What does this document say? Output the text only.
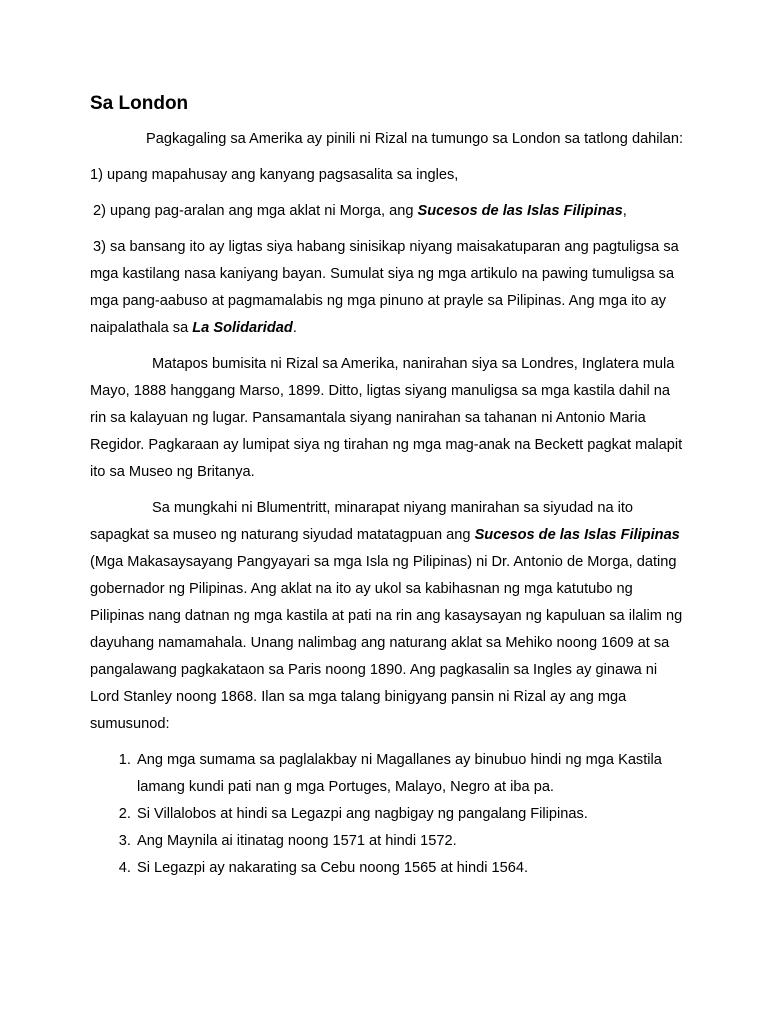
Sa London

Pagkagaling sa Amerika ay pinili ni Rizal na tumungo sa London sa tatlong dahilan:

1) upang mapahusay ang kanyang pagsasalita sa ingles,

2) upang pag-aralan ang mga aklat ni Morga, ang Sucesos de las Islas Filipinas,

3) sa bansang ito ay ligtas siya habang sinisikap niyang maisakatuparan ang pagtuligsa sa mga kastilang nasa kaniyang bayan. Sumulat siya ng mga artikulo na pawing tumuligsa sa mga pang-aabuso at pagmamalabis ng mga pinuno at prayle sa Pilipinas. Ang mga ito ay naipalathala sa La Solidaridad.

Matapos bumisita ni Rizal sa Amerika, nanirahan siya sa Londres, Inglatera mula Mayo, 1888 hanggang Marso, 1899. Ditto, ligtas siyang manuligsa sa mga kastila dahil na rin sa kalayuan ng lugar. Pansamantala siyang nanirahan sa tahanan ni Antonio Maria Regidor. Pagkaraan ay lumipat siya ng tirahan ng mga mag-anak na Beckett pagkat malapit ito sa Museo ng Britanya.

Sa mungkahi ni Blumentritt, minarapat niyang manirahan sa siyudad na ito sapagkat sa museo ng naturang siyudad matatagpuan ang Sucesos de las Islas Filipinas (Mga Makasaysayang Pangyayari sa mga Isla ng Pilipinas) ni Dr. Antonio de Morga, dating gobernador ng Pilipinas. Ang aklat na ito ay ukol sa kabihasnan ng mga katutubo ng Pilipinas nang datnan ng mga kastila at pati na rin ang kasaysayan ng kapuluan sa ilalim ng dayuhang namamahala. Unang nalimbag ang naturang aklat sa Mehiko noong 1609 at sa pangalawang pagkakataon sa Paris noong 1890. Ang pagkasalin sa Ingles ay ginawa ni Lord Stanley noong 1868. Ilan sa mga talang binigyang pansin ni Rizal ay ang mga sumusunod:

1. Ang mga sumama sa paglalakbay ni Magallanes ay binubuo hindi ng mga Kastila lamang kundi pati nan g mga Portuges, Malayo, Negro at iba pa.
2. Si Villalobos at hindi sa Legazpi ang nagbigay ng pangalang Filipinas.
3. Ang Maynila ai itinatag noong 1571 at hindi 1572.
4. Si Legazpi ay nakarating sa Cebu noong 1565 at hindi 1564.
